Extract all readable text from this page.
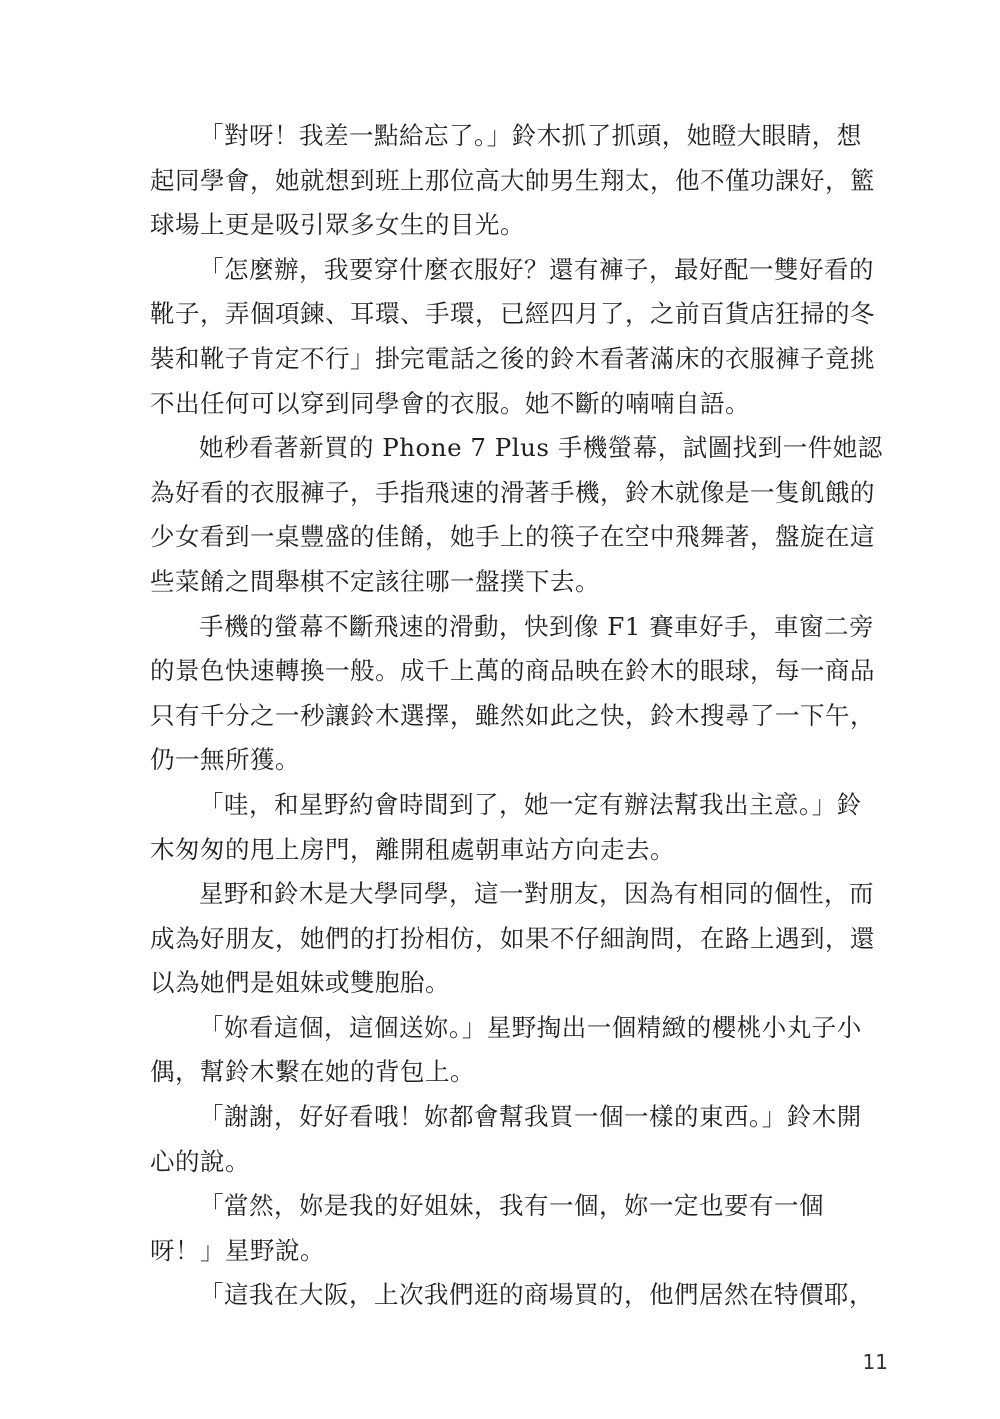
「對呀！我差一點給忘了。」鈴木抓了抓頭，她瞪大眼睛，想
起同學會，她就想到班上那位高大帥男生翔太，他不僅功課好，籃
球場上更是吸引眾多女生的目光。

「怎麼辦，我要穿什麼衣服好？還有褲子，最好配一雙好看的
靴子，弄個項鍊、耳環、手環，已經四月了，之前百貨店狂掃的冬
裝和靴子肯定不行」掛完電話之後的鈴木看著滿床的衣服褲子竟挑
不出任何可以穿到同學會的衣服。她不斷的喃喃自語。

她秒看著新買的 Phone 7 Plus 手機螢幕，試圖找到一件她認
為好看的衣服褲子，手指飛速的滑著手機，鈴木就像是一隻飢餓的
少女看到一桌豐盛的佳餚，她手上的筷子在空中飛舞著，盤旋在這
些菜餚之間舉棋不定該往哪一盤撲下去。

手機的螢幕不斷飛速的滑動，快到像 F1 賽車好手，車窗二旁
的景色快速轉換一般。成千上萬的商品映在鈴木的眼球，每一商品
只有千分之一秒讓鈴木選擇，雖然如此之快，鈴木搜尋了一下午，
仍一無所獲。

「哇，和星野約會時間到了，她一定有辦法幫我出主意。」鈴
木匆匆的甩上房門，離開租處朝車站方向走去。

星野和鈴木是大學同學，這一對朋友，因為有相同的個性，而
成為好朋友，她們的打扮相仿，如果不仔細詢問，在路上遇到，還
以為她們是姐妹或雙胞胎。

「妳看這個，這個送妳。」星野掏出一個精緻的櫻桃小丸子小
偶，幫鈴木繫在她的背包上。

「謝謝，好好看哦！妳都會幫我買一個一樣的東西。」鈴木開
心的說。

「當然，妳是我的好姐妹，我有一個，妳一定也要有一個
呀！」星野說。

「這我在大阪，上次我們逛的商場買的，他們居然在特價耶，

11
